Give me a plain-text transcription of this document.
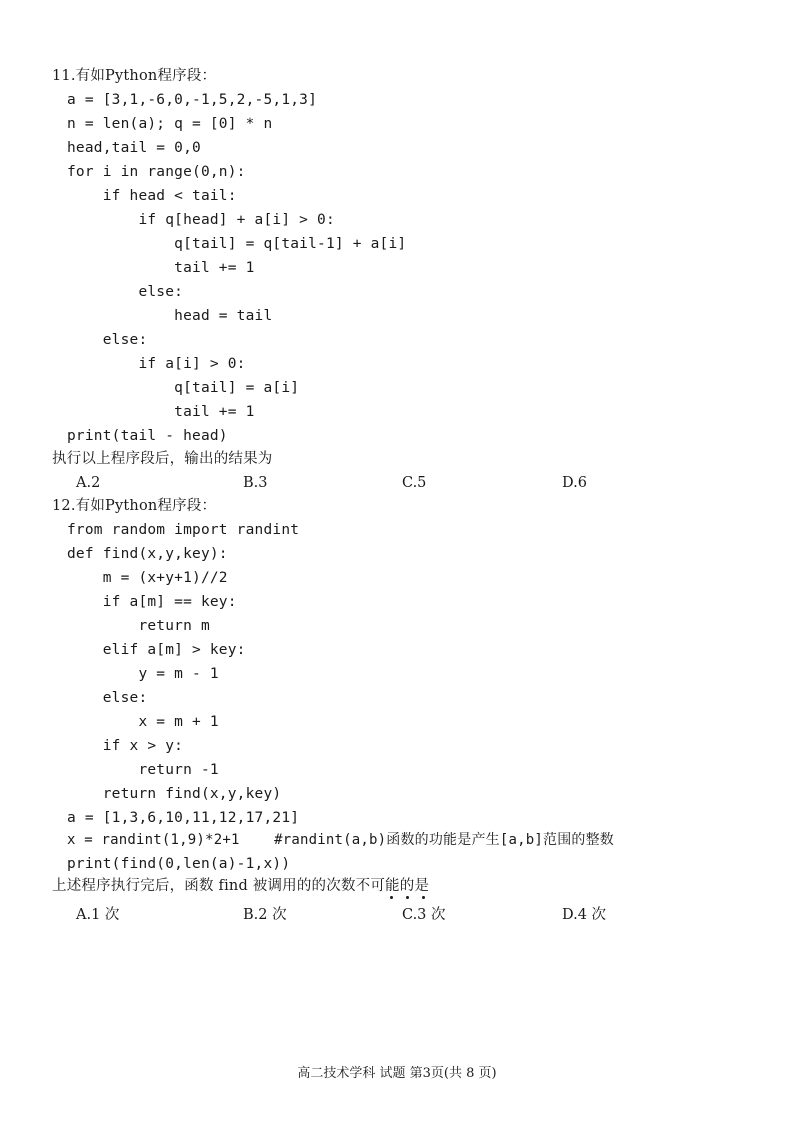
11.有如Python程序段：
a = [3,1,-6,0,-1,5,2,-5,1,3]
n = len(a); q = [0] * n
head,tail = 0,0
for i in range(0,n):
if head < tail:
if q[head] + a[i] > 0:
q[tail] = q[tail-1] + a[i]
tail += 1
else:
head = tail
else:
if a[i] > 0:
q[tail] = a[i]
tail += 1
print(tail - head)
执行以上程序段后，输出的结果为
A.2	B.3	C.5	D.6
12.有如Python程序段：
from random import randint
def find(x,y,key):
m = (x+y+1)//2
if a[m] == key:
return m
elif a[m] > key:
y = m - 1
else:
x = m + 1
if x > y:
return -1
return find(x,y,key)
a = [1,3,6,10,11,12,17,21]
x = randint(1,9)*2+1    #randint(a,b)函数的功能是产生[a,b]范围的整数
print(find(0,len(a)-1,x))
上述程序执行完后，函数 find 被调用的的次数不可能的是
A.1 次	B.2 次	C.3 次	D.4 次
高二技术学科 试题 第3页(共 8 页)
